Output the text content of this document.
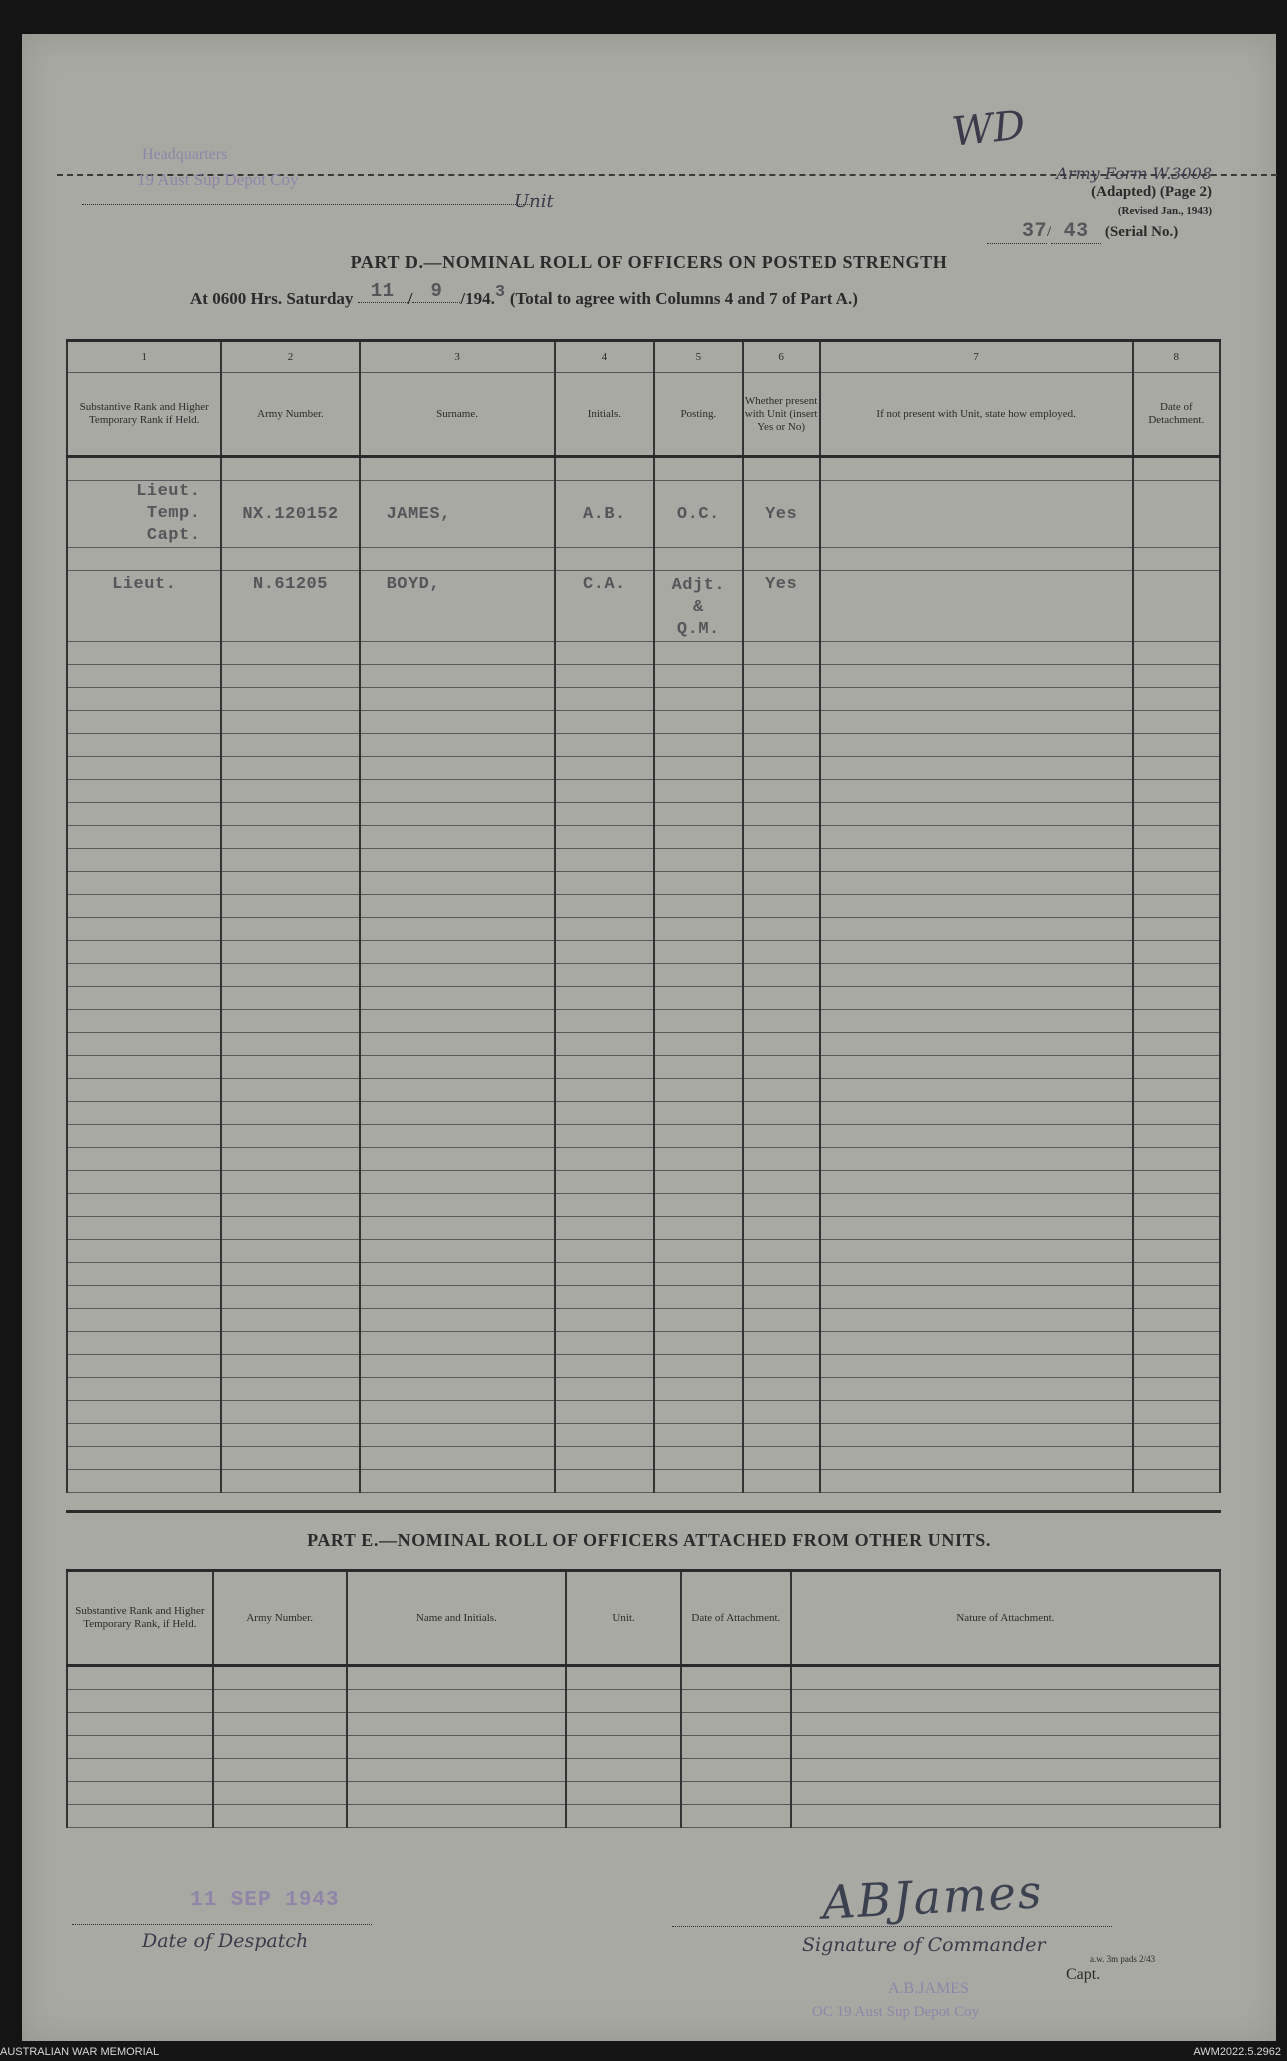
WD
Headquarters
19 Aust Sup Depot Coy
Unit
Army Form W.3008
(Adapted) (Page 2)
(Revised Jan., 1943)
37/ 43 (Serial No.)
PART D.—NOMINAL ROLL OF OFFICERS ON POSTED STRENGTH
At 0600 Hrs. Saturday 11 / 9 /194.3 (Total to agree with Columns 4 and 7 of Part A.)
1	2	3	4	5	6	7	8
Substantive Rank and Higher Temporary Rank if Held.	Army Number.	Surname.	Initials.	Posting.	Whether present with Unit (insert Yes or No)	If not present with Unit, state how employed.	Date of Detachment.

Lieut.
Temp.
Capt.	NX.120152	JAMES,	A.B.	O.C.	Yes		

Lieut.	N.61205	BOYD,	C.A.	Adjt.
&
Q.M.	Yes		

PART E.—NOMINAL ROLL OF OFFICERS ATTACHED FROM OTHER UNITS.
Substantive Rank and Higher Temporary Rank, if Held.	Army Number.	Name and Initials.	Unit.	Date of Attachment.	Nature of Attachment.

11 SEP 1943
Date of Despatch
ABJames
Signature of Commander
Capt.
A.B.JAMES
OC 19 Aust Sup Depot Coy
a.w. 3m pads 2/43
AUSTRALIAN WAR MEMORIAL	AWM2022.5.2962
